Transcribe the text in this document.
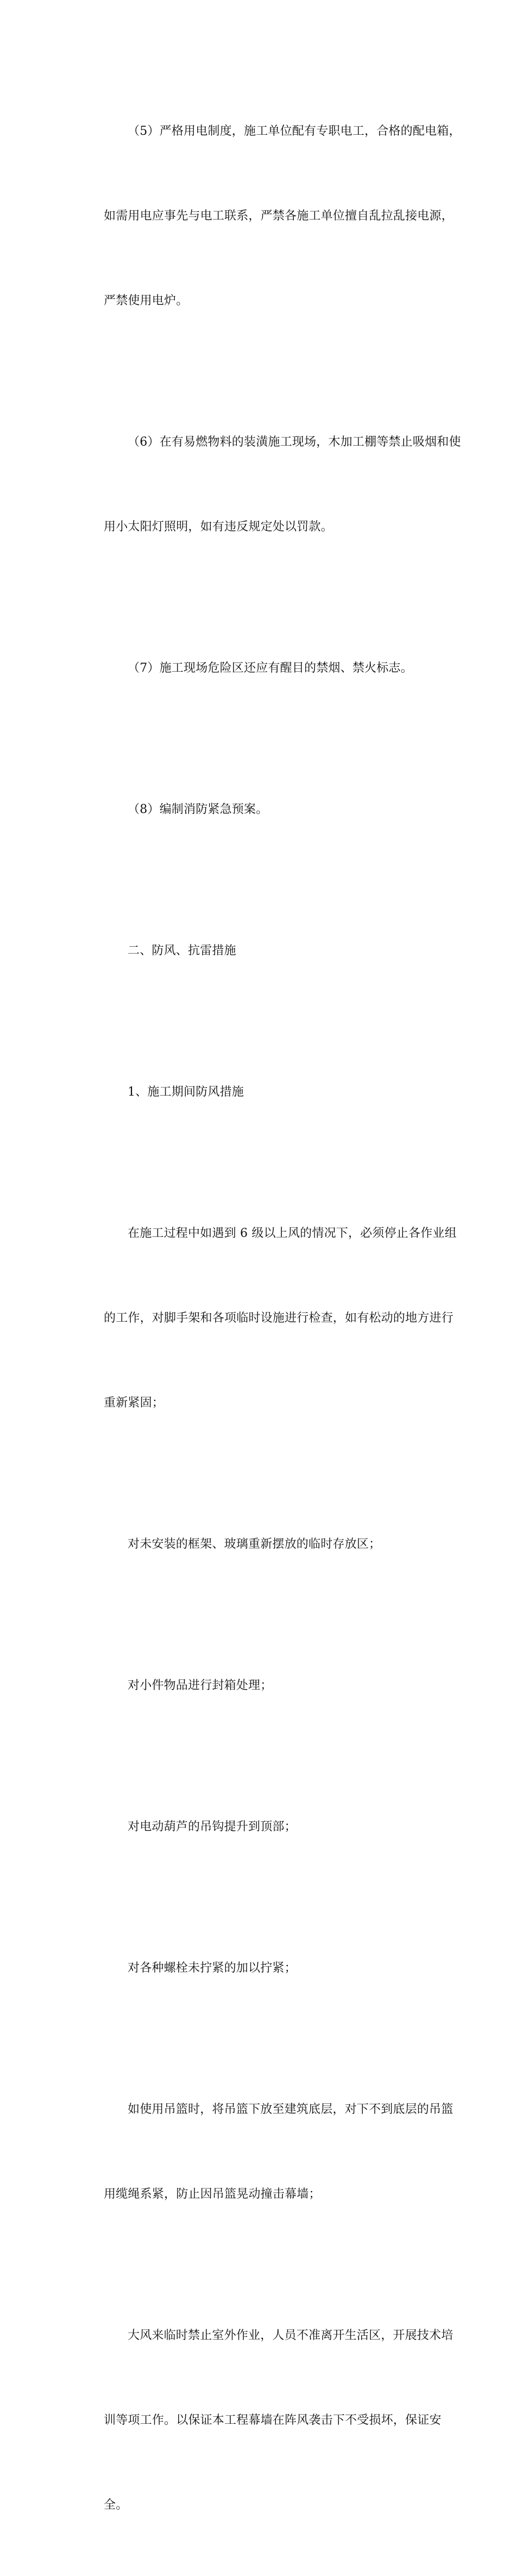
（5）严格用电制度，施工单位配有专职电工，合格的配电箱，

如需用电应事先与电工联系，严禁各施工单位擅自乱拉乱接电源，

严禁使用电炉。

（6）在有易燃物料的装潢施工现场，木加工棚等禁止吸烟和使

用小太阳灯照明，如有违反规定处以罚款。

（7）施工现场危险区还应有醒目的禁烟、禁火标志。

（8）编制消防紧急预案。

二、防风、抗雷措施

1、施工期间防风措施

在施工过程中如遇到 6 级以上风的情况下，必须停止各作业组

的工作，对脚手架和各项临时设施进行检查，如有松动的地方进行

重新紧固；

对未安装的框架、玻璃重新摆放的临时存放区；

对小件物品进行封箱处理；

对电动葫芦的吊钩提升到顶部；

对各种螺栓未拧紧的加以拧紧；

如使用吊篮时，将吊篮下放至建筑底层，对下不到底层的吊篮

用缆绳系紧，防止因吊篮晃动撞击幕墙；

大风来临时禁止室外作业，人员不准离开生活区，开展技术培

训等项工作。以保证本工程幕墙在阵风袭击下不受损坏，保证安

全。
